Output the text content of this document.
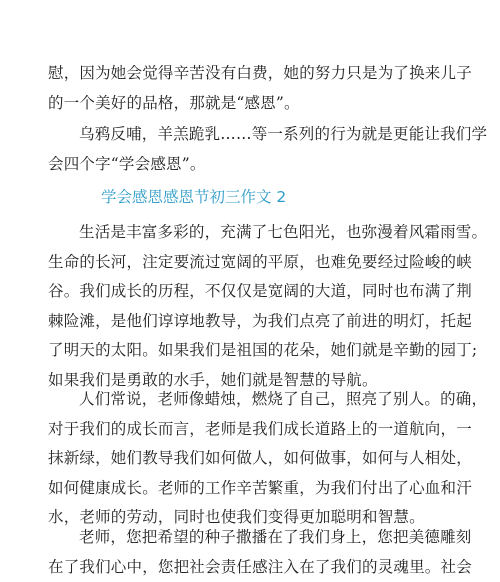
慰，因为她会觉得辛苦没有白费，她的努力只是为了换来儿子
的一个美好的品格，那就是“感恩”。

乌鸦反哺，羊羔跪乳……等一系列的行为就是更能让我们学
会四个字“学会感恩”。

学会感恩感恩节初三作文 2

生活是丰富多彩的，充满了七色阳光，也弥漫着风霜雨雪。
生命的长河，注定要流过宽阔的平原，也难免要经过险峻的峡
谷。我们成长的历程，不仅仅是宽阔的大道，同时也布满了荆
棘险滩，是他们谆谆地教导，为我们点亮了前进的明灯，托起
了明天的太阳。如果我们是祖国的花朵，她们就是辛勤的园丁;
如果我们是勇敢的水手，她们就是智慧的导航。

人们常说，老师像蜡烛，燃烧了自己，照亮了别人。的确，
对于我们的成长而言，老师是我们成长道路上的一道航向，一
抹新绿，她们教导我们如何做人，如何做事，如何与人相处，
如何健康成长。老师的工作辛苦繁重，为我们付出了心血和汗
水，老师的劳动，同时也使我们变得更加聪明和智慧。

老师，您把希望的种子撒播在了我们身上，您把美德雕刻
在了我们心中，您把社会责任感注入在了我们的灵魂里。社会
